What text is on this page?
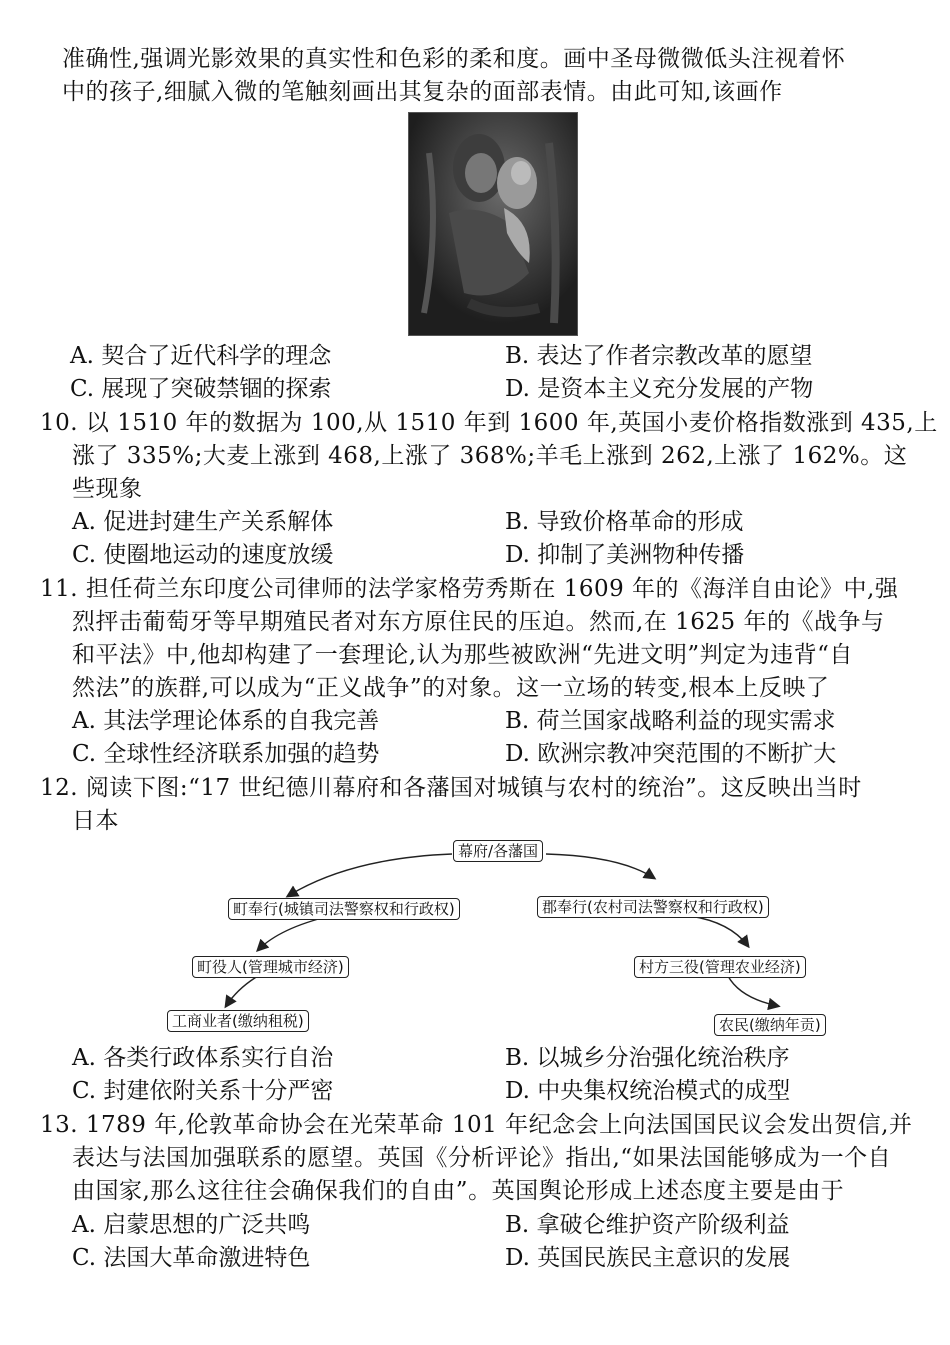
准确性,强调光影效果的真实性和色彩的柔和度。画中圣母微微低头注视着怀
中的孩子,细腻入微的笔触刻画出其复杂的面部表情。由此可知,该画作
A. 契合了近代科学的理念	B. 表达了作者宗教改革的愿望
C. 展现了突破禁锢的探索	D. 是资本主义充分发展的产物
10. 以 1510 年的数据为 100,从 1510 年到 1600 年,英国小麦价格指数涨到 435,上
涨了 335%;大麦上涨到 468,上涨了 368%;羊毛上涨到 262,上涨了 162%。这
些现象
A. 促进封建生产关系解体	B. 导致价格革命的形成
C. 使圈地运动的速度放缓	D. 抑制了美洲物种传播
11. 担任荷兰东印度公司律师的法学家格劳秀斯在 1609 年的《海洋自由论》中,强
烈抨击葡萄牙等早期殖民者对东方原住民的压迫。然而,在 1625 年的《战争与
和平法》中,他却构建了一套理论,认为那些被欧洲“先进文明”判定为违背“自
然法”的族群,可以成为“正义战争”的对象。这一立场的转变,根本上反映了
A. 其法学理论体系的自我完善	B. 荷兰国家战略利益的现实需求
C. 全球性经济联系加强的趋势	D. 欧洲宗教冲突范围的不断扩大
12. 阅读下图:“17 世纪德川幕府和各藩国对城镇与农村的统治”。这反映出当时
日本
幕府/各藩国
町奉行(城镇司法警察权和行政权)	郡奉行(农村司法警察权和行政权)
町役人(管理城市经济)	村方三役(管理农业经济)
工商业者(缴纳租税)	农民(缴纳年贡)
A. 各类行政体系实行自治	B. 以城乡分治强化统治秩序
C. 封建依附关系十分严密	D. 中央集权统治模式的成型
13. 1789 年,伦敦革命协会在光荣革命 101 年纪念会上向法国国民议会发出贺信,并
表达与法国加强联系的愿望。英国《分析评论》指出,“如果法国能够成为一个自
由国家,那么这往往会确保我们的自由”。英国舆论形成上述态度主要是由于
A. 启蒙思想的广泛共鸣	B. 拿破仑维护资产阶级利益
C. 法国大革命激进特色	D. 英国民族民主意识的发展
